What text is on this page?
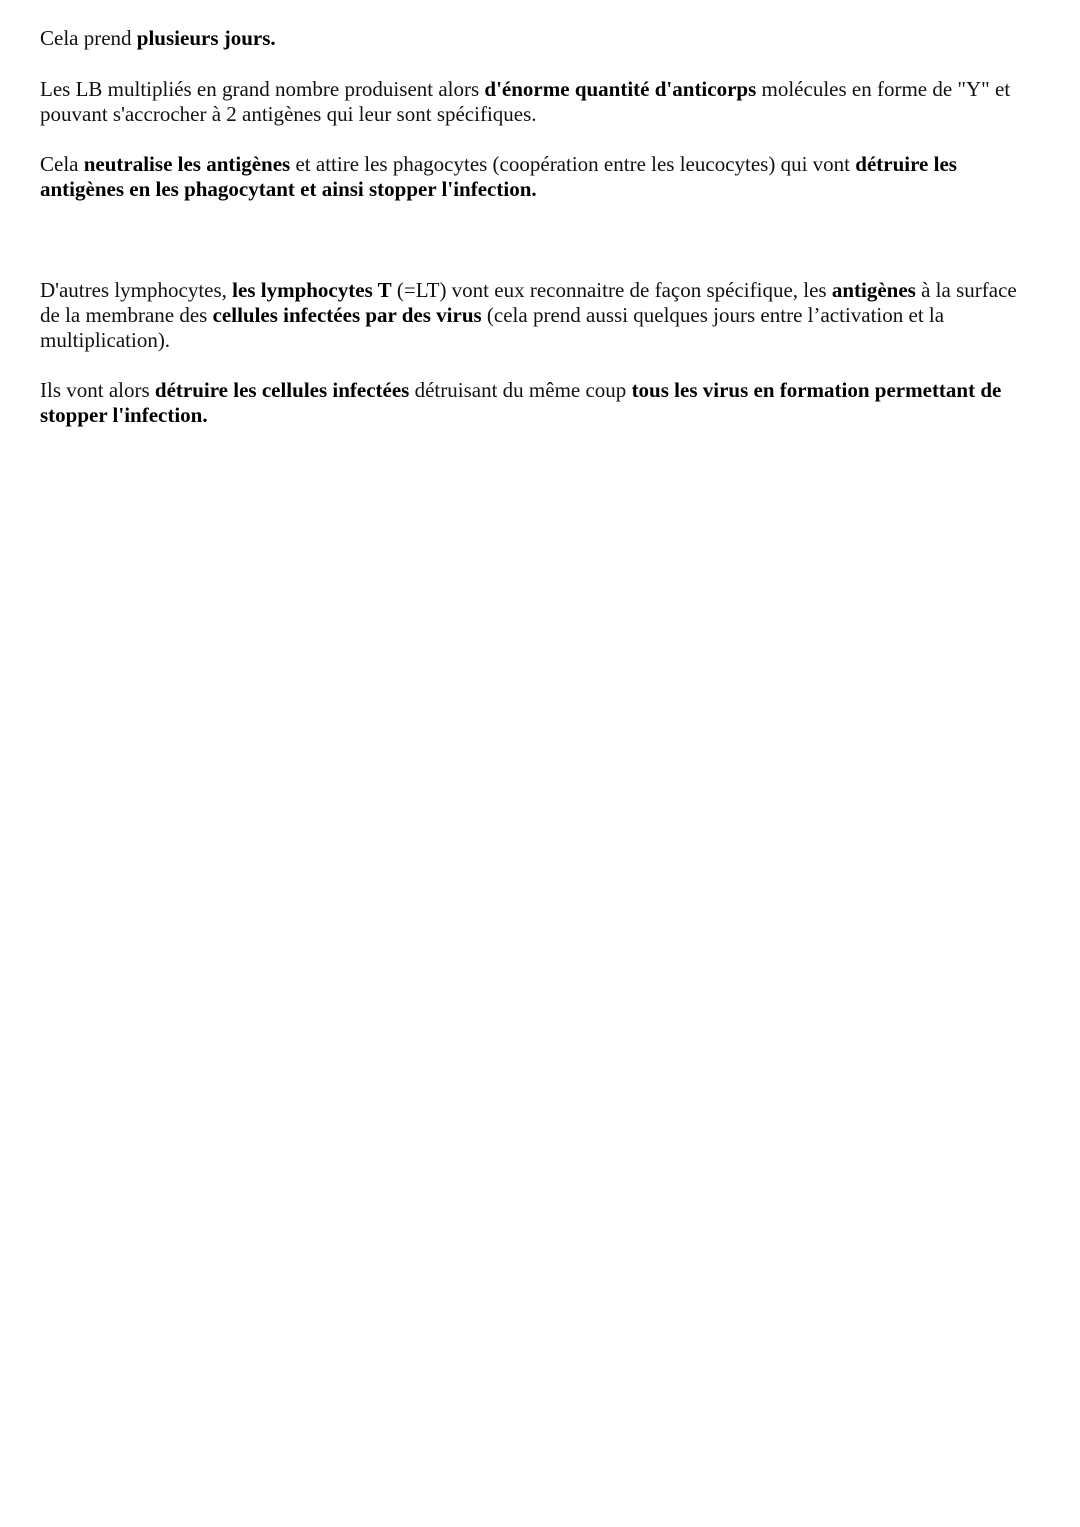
Cela prend plusieurs jours.

Les LB multipliés en grand nombre produisent alors d'énorme quantité d'anticorps molécules en forme de "Y" et pouvant s'accrocher à 2 antigènes qui leur sont spécifiques.

Cela neutralise les antigènes et attire les phagocytes (coopération entre les leucocytes) qui vont détruire les antigènes en les phagocytant et ainsi stopper l'infection.

D'autres lymphocytes, les lymphocytes T (=LT) vont eux reconnaitre de façon spécifique, les antigènes à la surface de la membrane des cellules infectées par des virus (cela prend aussi quelques jours entre l’activation et la multiplication).

Ils vont alors détruire les cellules infectées détruisant du même coup tous les virus en formation permettant de stopper l'infection.
